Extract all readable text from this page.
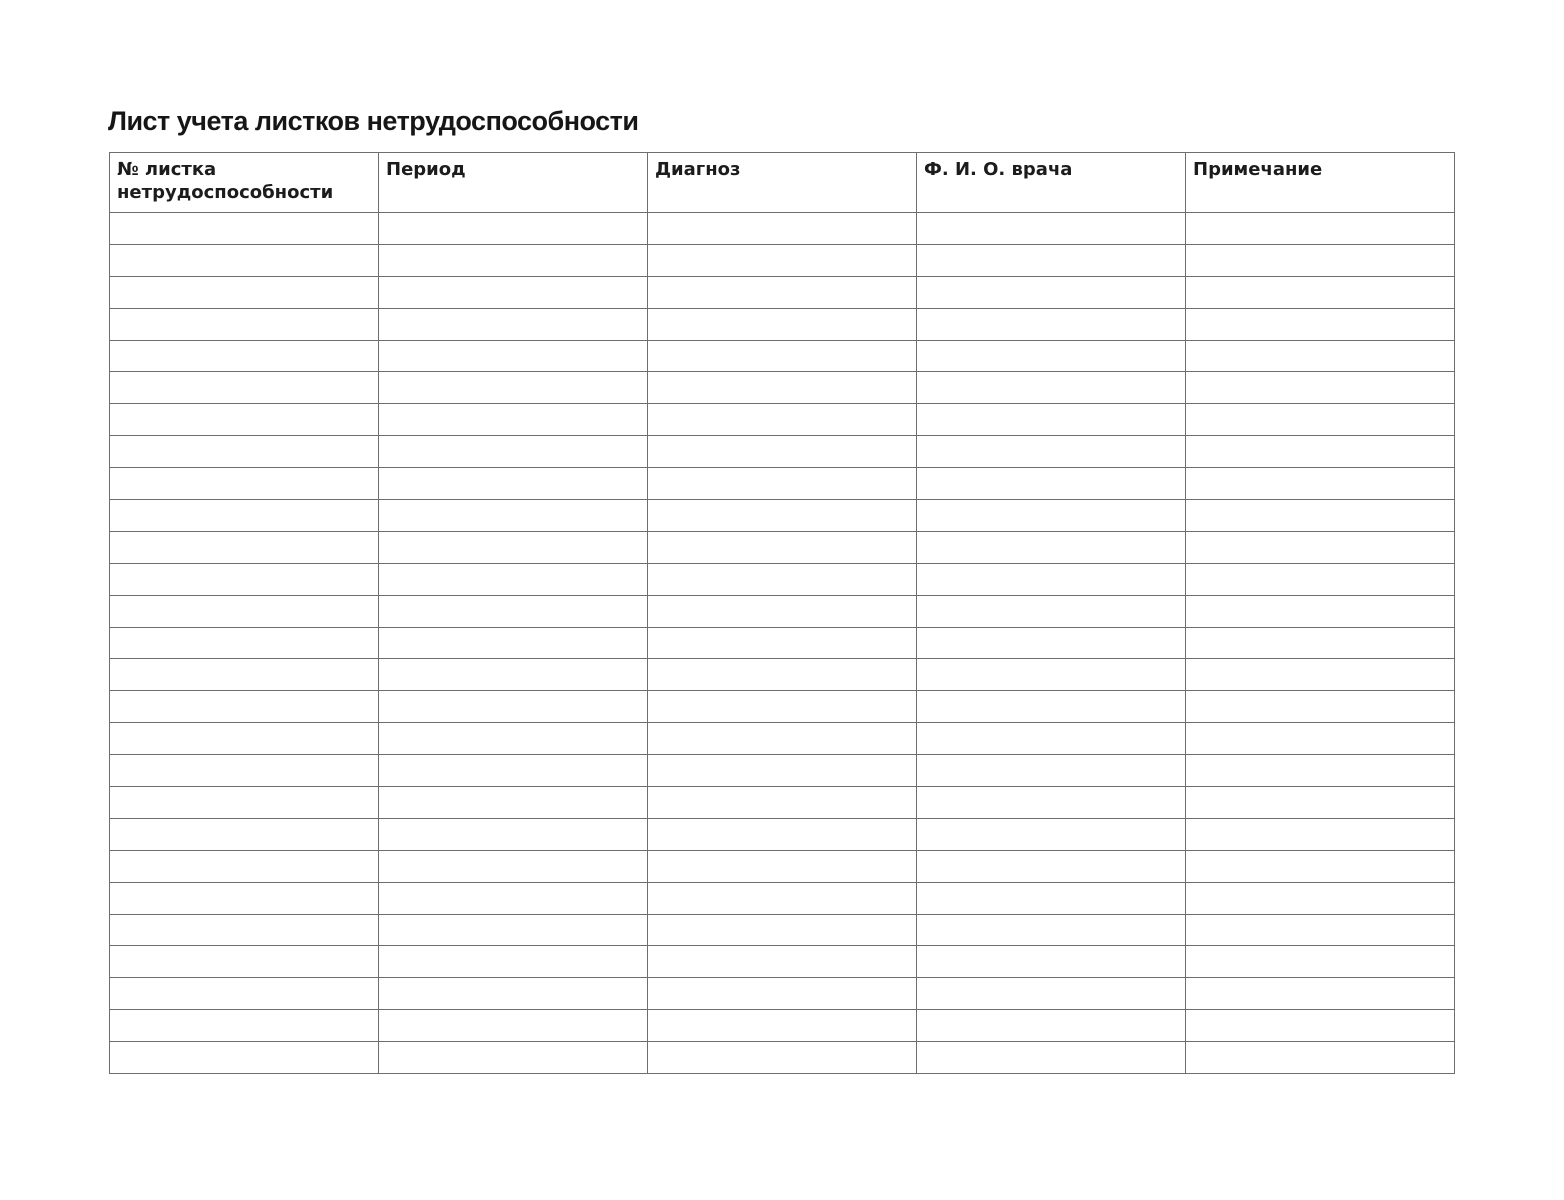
Лист учета листков нетрудоспособности
№ листка нетрудоспособности	Период	Диагноз	Ф. И. О. врача	Примечание
